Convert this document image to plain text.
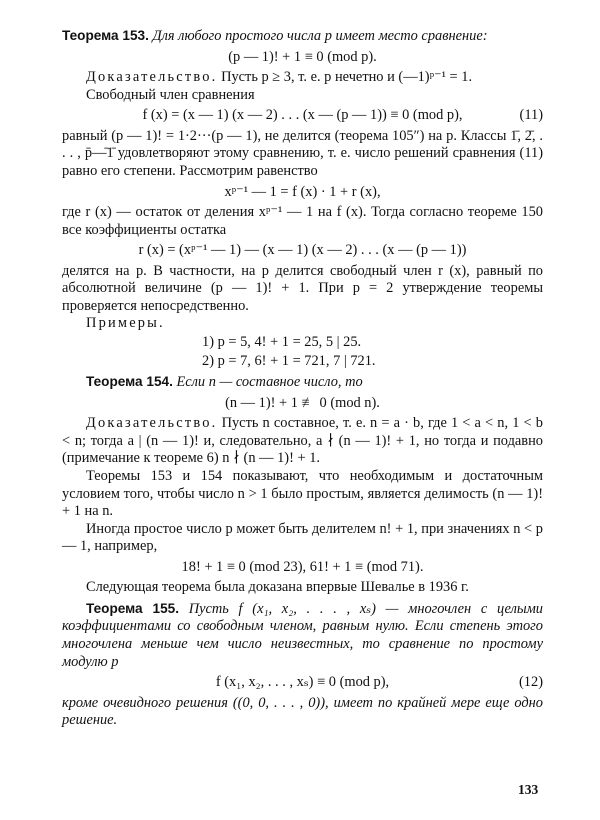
Теорема 153. Для любого простого числа p имеет место сравнение:

(p — 1)! + 1 ≡ 0 (mod p).

Доказательство. Пусть p ≥ 3, т. е. p нечетно и (—1)ᵖ⁻¹ = 1.

Свободный член сравнения

f (x) = (x — 1) (x — 2) . . . (x — (p — 1)) ≡ 0 (mod p),	(11)

равный (p — 1)! = 1·2···(p — 1), не делится (теорема 105″) на p. Классы 1̄, 2̄, . . . , p̄—̄1̄ удовлетворяют этому сравнению, т. е. число решений сравнения (11) равно его степени. Рассмотрим равенство

xᵖ⁻¹ — 1 = f (x) · 1 + r (x),

где r (x) — остаток от деления xᵖ⁻¹ — 1 на f (x). Тогда согласно теореме 150 все коэффициенты остатка

r (x) = (xᵖ⁻¹ — 1) — (x — 1) (x — 2) . . . (x — (p — 1))

делятся на p. В частности, на p делится свободный член r (x), равный по абсолютной величине (p — 1)! + 1. При p = 2 утверждение теоремы проверяется непосредственно.

Примеры.

1) p = 5, 4! + 1 = 25, 5 | 25.
2) p = 7, 6! + 1 = 721, 7 | 721.

Теорема 154. Если n — составное число, то

(n — 1)! + 1 ≢ 0 (mod n).

Доказательство. Пусть n составное, т. е. n = a · b, где 1 < a < n, 1 < b < n; тогда a | (n — 1)! и, следовательно, a ∤ (n — 1)! + 1, но тогда и подавно (примечание к теореме 6) n ∤ (n — 1)! + 1.

Теоремы 153 и 154 показывают, что необходимым и достаточным условием того, чтобы число n > 1 было простым, является делимость (n — 1)! + 1 на n.

Иногда простое число p может быть делителем n! + 1, при значениях n < p — 1, например,

18! + 1 ≡ 0 (mod 23), 61! + 1 ≡ (mod 71).

Следующая теорема была доказана впервые Шевалье в 1936 г.

Теорема 155. Пусть f (x₁, x₂, . . . , xₛ) — многочлен с целыми коэффициентами со свободным членом, равным нулю. Если степень этого многочлена меньше чем число неизвестных, то сравнение по простому модулю p

f (x₁, x₂, . . . , xₛ) ≡ 0 (mod p),	(12)

кроме очевидного решения ((0, 0, . . . , 0)), имеет по крайней мере еще одно решение.

133
